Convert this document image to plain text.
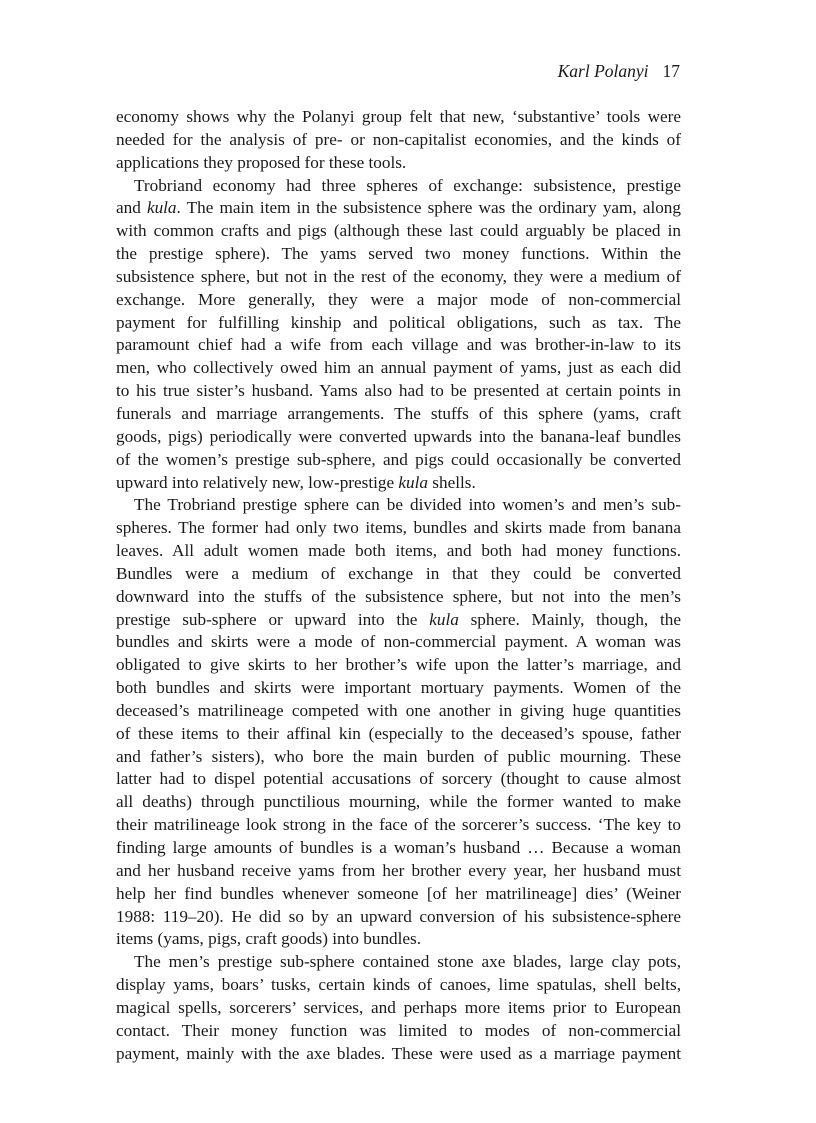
Karl Polanyi 17
economy shows why the Polanyi group felt that new, ‘substantive’ tools were
needed for the analysis of pre- or non-capitalist economies, and the kinds of
applications they proposed for these tools.
Trobriand economy had three spheres of exchange: subsistence, prestige
and kula. The main item in the subsistence sphere was the ordinary yam, along
with common crafts and pigs (although these last could arguably be placed in
the prestige sphere). The yams served two money functions. Within the
subsistence sphere, but not in the rest of the economy, they were a medium of
exchange. More generally, they were a major mode of non-commercial
payment for fulfilling kinship and political obligations, such as tax. The
paramount chief had a wife from each village and was brother-in-law to its
men, who collectively owed him an annual payment of yams, just as each did
to his true sister’s husband. Yams also had to be presented at certain points in
funerals and marriage arrangements. The stuffs of this sphere (yams, craft
goods, pigs) periodically were converted upwards into the banana-leaf bundles
of the women’s prestige sub-sphere, and pigs could occasionally be converted
upward into relatively new, low-prestige kula shells.
The Trobriand prestige sphere can be divided into women’s and men’s sub-
spheres. The former had only two items, bundles and skirts made from banana
leaves. All adult women made both items, and both had money functions.
Bundles were a medium of exchange in that they could be converted
downward into the stuffs of the subsistence sphere, but not into the men’s
prestige sub-sphere or upward into the kula sphere. Mainly, though, the
bundles and skirts were a mode of non-commercial payment. A woman was
obligated to give skirts to her brother’s wife upon the latter’s marriage, and
both bundles and skirts were important mortuary payments. Women of the
deceased’s matrilineage competed with one another in giving huge quantities
of these items to their affinal kin (especially to the deceased’s spouse, father
and father’s sisters), who bore the main burden of public mourning. These
latter had to dispel potential accusations of sorcery (thought to cause almost
all deaths) through punctilious mourning, while the former wanted to make
their matrilineage look strong in the face of the sorcerer’s success. ‘The key to
finding large amounts of bundles is a woman’s husband … Because a woman
and her husband receive yams from her brother every year, her husband must
help her find bundles whenever someone [of her matrilineage] dies’ (Weiner
1988: 119–20). He did so by an upward conversion of his subsistence-sphere
items (yams, pigs, craft goods) into bundles.
The men’s prestige sub-sphere contained stone axe blades, large clay pots,
display yams, boars’ tusks, certain kinds of canoes, lime spatulas, shell belts,
magical spells, sorcerers’ services, and perhaps more items prior to European
contact. Their money function was limited to modes of non-commercial
payment, mainly with the axe blades. These were used as a marriage payment
